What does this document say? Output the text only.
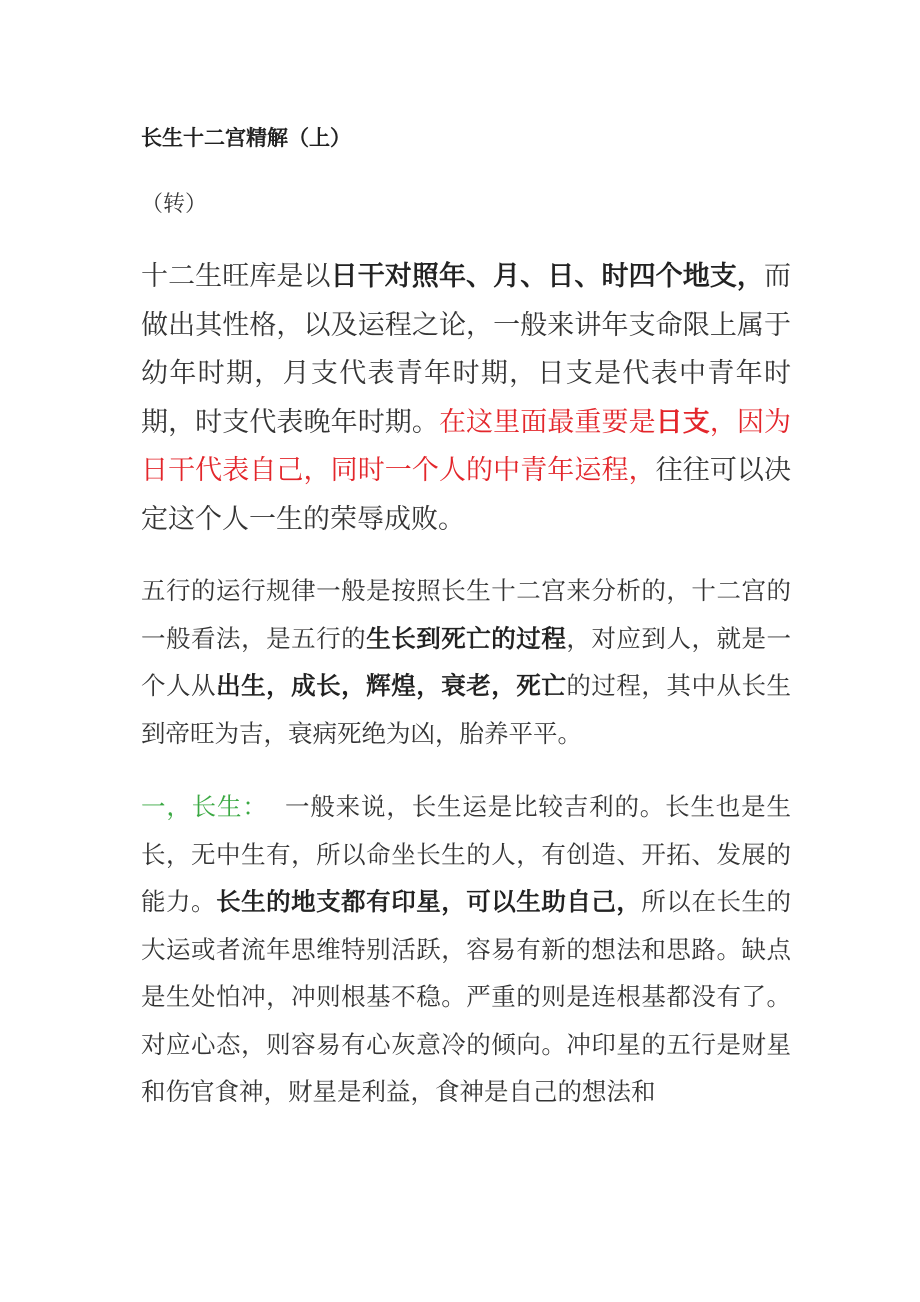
长生十二宫精解（上）
（转）

十二生旺库是以日干对照年、月、日、时四个地支，而做出其性格，以及运程之论，一般来讲年支命限上属于幼年时期，月支代表青年时期，日支是代表中青年时期，时支代表晚年时期。在这里面最重要是日支，因为日干代表自己，同时一个人的中青年运程，往往可以决定这个人一生的荣辱成败。

五行的运行规律一般是按照长生十二宫来分析的，十二宫的一般看法，是五行的生长到死亡的过程，对应到人，就是一个人从出生，成长，辉煌，衰老，死亡的过程，其中从长生到帝旺为吉，衰病死绝为凶，胎养平平。

一，长生：  一般来说，长生运是比较吉利的。长生也是生长，无中生有，所以命坐长生的人，有创造、开拓、发展的能力。长生的地支都有印星，可以生助自己，所以在长生的大运或者流年思维特别活跃，容易有新的想法和思路。缺点是生处怕冲，冲则根基不稳。严重的则是连根基都没有了。对应心态，则容易有心灰意冷的倾向。冲印星的五行是财星和伤官食神，财星是利益，食神是自己的想法和
